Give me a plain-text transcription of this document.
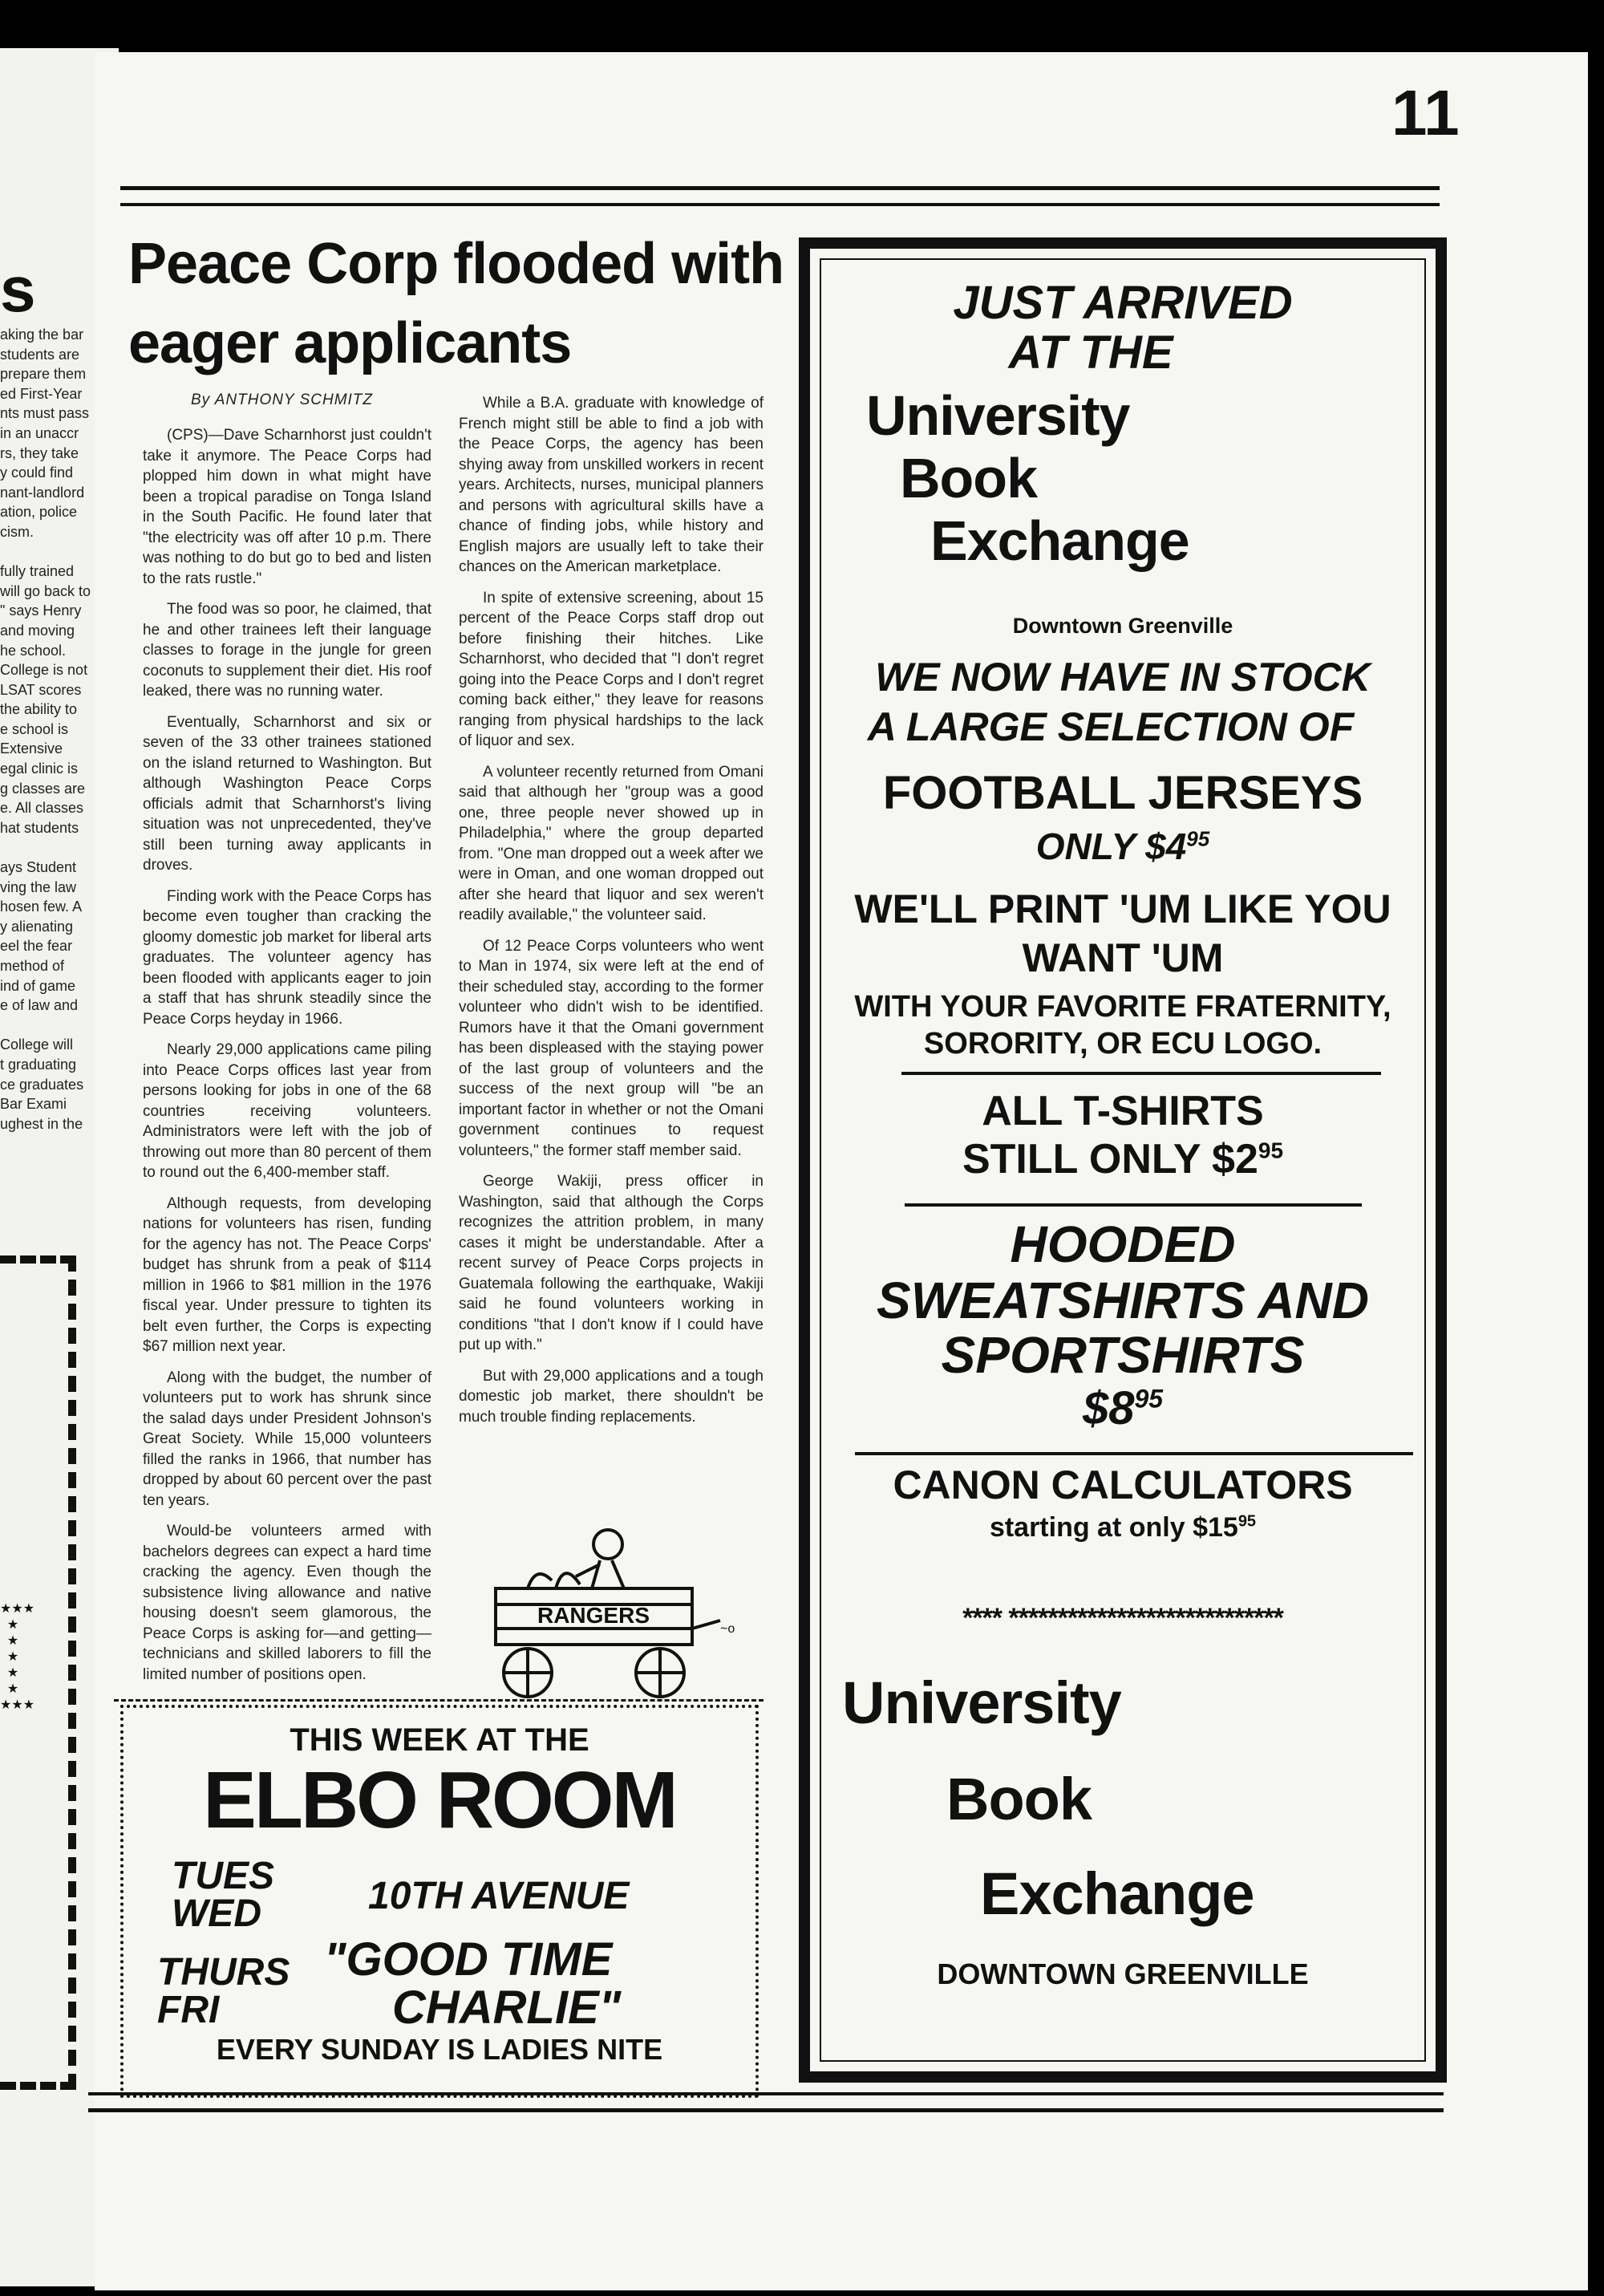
s
aking the bar
students are
prepare them
ed First-Year
nts must pass
in an unaccr
rs, they take
y could find
nant-landlord
ation, police
cism.
fully trained
will go back to
" says Henry
and moving
he school.
College is not
LSAT scores
the ability to
e school is
Extensive
egal clinic is
g classes are
e. All classes
hat students
ays Student
ving the law
hosen few. A
y alienating
eel the fear
method of
ind of game
e of law and
College will
t graduating
ce graduates
Bar Exami
ughest in the
★★★
★
★
★
★
★
★★★
11
Peace Corp flooded with eager applicants
By ANTHONY SCHMITZ

(CPS)—Dave Scharnhorst just couldn't take it anymore. The Peace Corps had plopped him down in what might have been a tropical paradise on Tonga Island in the South Pacific. He found later that "the electricity was off after 10 p.m. There was nothing to do but go to bed and listen to the rats rustle."

The food was so poor, he claimed, that he and other trainees left their language classes to forage in the jungle for green coconuts to supplement their diet. His roof leaked, there was no running water.

Eventually, Scharnhorst and six or seven of the 33 other trainees stationed on the island returned to Washington. But although Washington Peace Corps officials admit that Scharnhorst's living situation was not unprecedented, they've still been turning away applicants in droves.

Finding work with the Peace Corps has become even tougher than cracking the gloomy domestic job market for liberal arts graduates. The volunteer agency has been flooded with applicants eager to join a staff that has shrunk steadily since the Peace Corps heyday in 1966.

Nearly 29,000 applications came piling into Peace Corps offices last year from persons looking for jobs in one of the 68 countries receiving volunteers. Administrators were left with the job of throwing out more than 80 percent of them to round out the 6,400-member staff.

Although requests, from developing nations for volunteers has risen, funding for the agency has not. The Peace Corps' budget has shrunk from a peak of $114 million in 1966 to $81 million in the 1976 fiscal year. Under pressure to tighten its belt even further, the Corps is expecting $67 million next year.

Along with the budget, the number of volunteers put to work has shrunk since the salad days under President Johnson's Great Society. While 15,000 volunteers filled the ranks in 1966, that number has dropped by about 60 percent over the past ten years.

Would-be volunteers armed with bachelors degrees can expect a hard time cracking the agency. Even though the subsistence living allowance and native housing doesn't seem glamorous, the Peace Corps is asking for—and getting—technicians and skilled laborers to fill the limited number of positions open.

While a B.A. graduate with knowledge of French might still be able to find a job with the Peace Corps, the agency has been shying away from unskilled workers in recent years. Architects, nurses, municipal planners and persons with agricultural skills have a chance of finding jobs, while history and English majors are usually left to take their chances on the American marketplace.

In spite of extensive screening, about 15 percent of the Peace Corps staff drop out before finishing their hitches. Like Scharnhorst, who decided that "I don't regret going into the Peace Corps and I don't regret coming back either," they leave for reasons ranging from physical hardships to the lack of liquor and sex.

A volunteer recently returned from Omani said that although her "group was a good one, three people never showed up in Philadelphia," where the group departed from. "One man dropped out a week after we were in Oman, and one woman dropped out after she heard that liquor and sex weren't readily available," the volunteer said.

Of 12 Peace Corps volunteers who went to Man in 1974, six were left at the end of their scheduled stay, according to the former volunteer who didn't wish to be identified. Rumors have it that the Omani government has been displeased with the staying power of the last group of volunteers and the success of the next group will "be an important factor in whether or not the Omani government continues to request volunteers," the former staff member said.

George Wakiji, press officer in Washington, said that although the Corps recognizes the attrition problem, in many cases it might be understandable. After a recent survey of Peace Corps projects in Guatemala following the earthquake, Wakiji said he found volunteers working in conditions "that I don't know if I could have put up with."

But with 29,000 applications and a tough domestic job market, there shouldn't be much trouble finding replacements.

RANGERS
~o
THIS WEEK AT THE
ELBO ROOM
TUES
WED	10TH AVENUE
THURS
FRI
"GOOD TIME
CHARLIE"
EVERY SUNDAY IS LADIES NITE
JUST ARRIVED
AT THE
University
Book
Exchange
Downtown Greenville
WE NOW HAVE IN STOCK
A LARGE SELECTION OF
FOOTBALL JERSEYS
ONLY $\$4^{95}$
WE'LL PRINT 'UM LIKE YOU
WANT 'UM
WITH YOUR FAVORITE FRATERNITY,
SORORITY, OR ECU LOGO.
ALL T-SHIRTS
STILL ONLY $\$2^{95}$
HOODED
SWEATSHIRTS AND
SPORTSHIRTS
$\$8^{95}$
CANON CALCULATORS
starting at only $\$15^{95}$
**** ****************************
University
Book
Exchange
DOWNTOWN GREENVILLE
